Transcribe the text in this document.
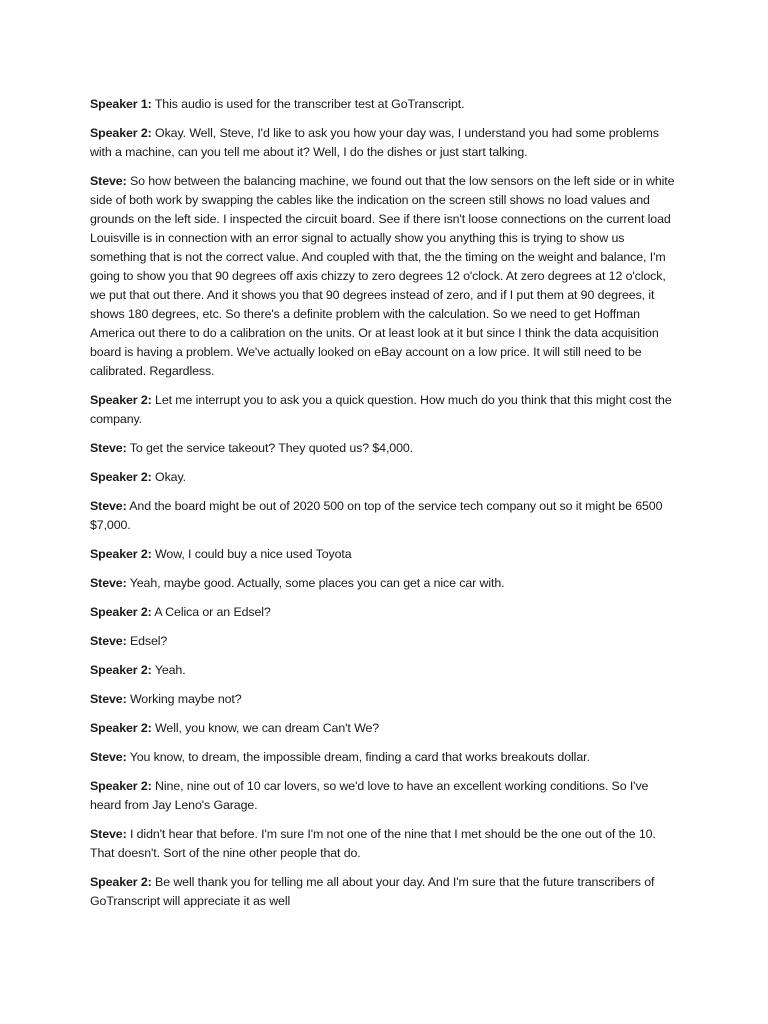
Speaker 1: This audio is used for the transcriber test at GoTranscript.

Speaker 2: Okay. Well, Steve, I'd like to ask you how your day was, I understand you had some problems with a machine, can you tell me about it? Well, I do the dishes or just start talking.

Steve: So how between the balancing machine, we found out that the low sensors on the left side or in white side of both work by swapping the cables like the indication on the screen still shows no load values and grounds on the left side. I inspected the circuit board. See if there isn't loose connections on the current load Louisville is in connection with an error signal to actually show you anything this is trying to show us something that is not the correct value. And coupled with that, the the timing on the weight and balance, I'm going to show you that 90 degrees off axis chizzy to zero degrees 12 o'clock. At zero degrees at 12 o'clock, we put that out there. And it shows you that 90 degrees instead of zero, and if I put them at 90 degrees, it shows 180 degrees, etc. So there's a definite problem with the calculation. So we need to get Hoffman America out there to do a calibration on the units. Or at least look at it but since I think the data acquisition board is having a problem. We've actually looked on eBay account on a low price. It will still need to be calibrated. Regardless.

Speaker 2: Let me interrupt you to ask you a quick question. How much do you think that this might cost the company.

Steve: To get the service takeout? They quoted us? $4,000.

Speaker 2: Okay.

Steve: And the board might be out of 2020 500 on top of the service tech company out so it might be 6500 $7,000.

Speaker 2: Wow, I could buy a nice used Toyota

Steve: Yeah, maybe good. Actually, some places you can get a nice car with.

Speaker 2: A Celica or an Edsel?

Steve: Edsel?

Speaker 2: Yeah.

Steve: Working maybe not?

Speaker 2: Well, you know, we can dream Can't We?

Steve: You know, to dream, the impossible dream, finding a card that works breakouts dollar.

Speaker 2: Nine, nine out of 10 car lovers, so we'd love to have an excellent working conditions. So I've heard from Jay Leno's Garage.

Steve: I didn't hear that before. I'm sure I'm not one of the nine that I met should be the one out of the 10. That doesn't. Sort of the nine other people that do.

Speaker 2: Be well thank you for telling me all about your day. And I'm sure that the future transcribers of GoTranscript will appreciate it as well
